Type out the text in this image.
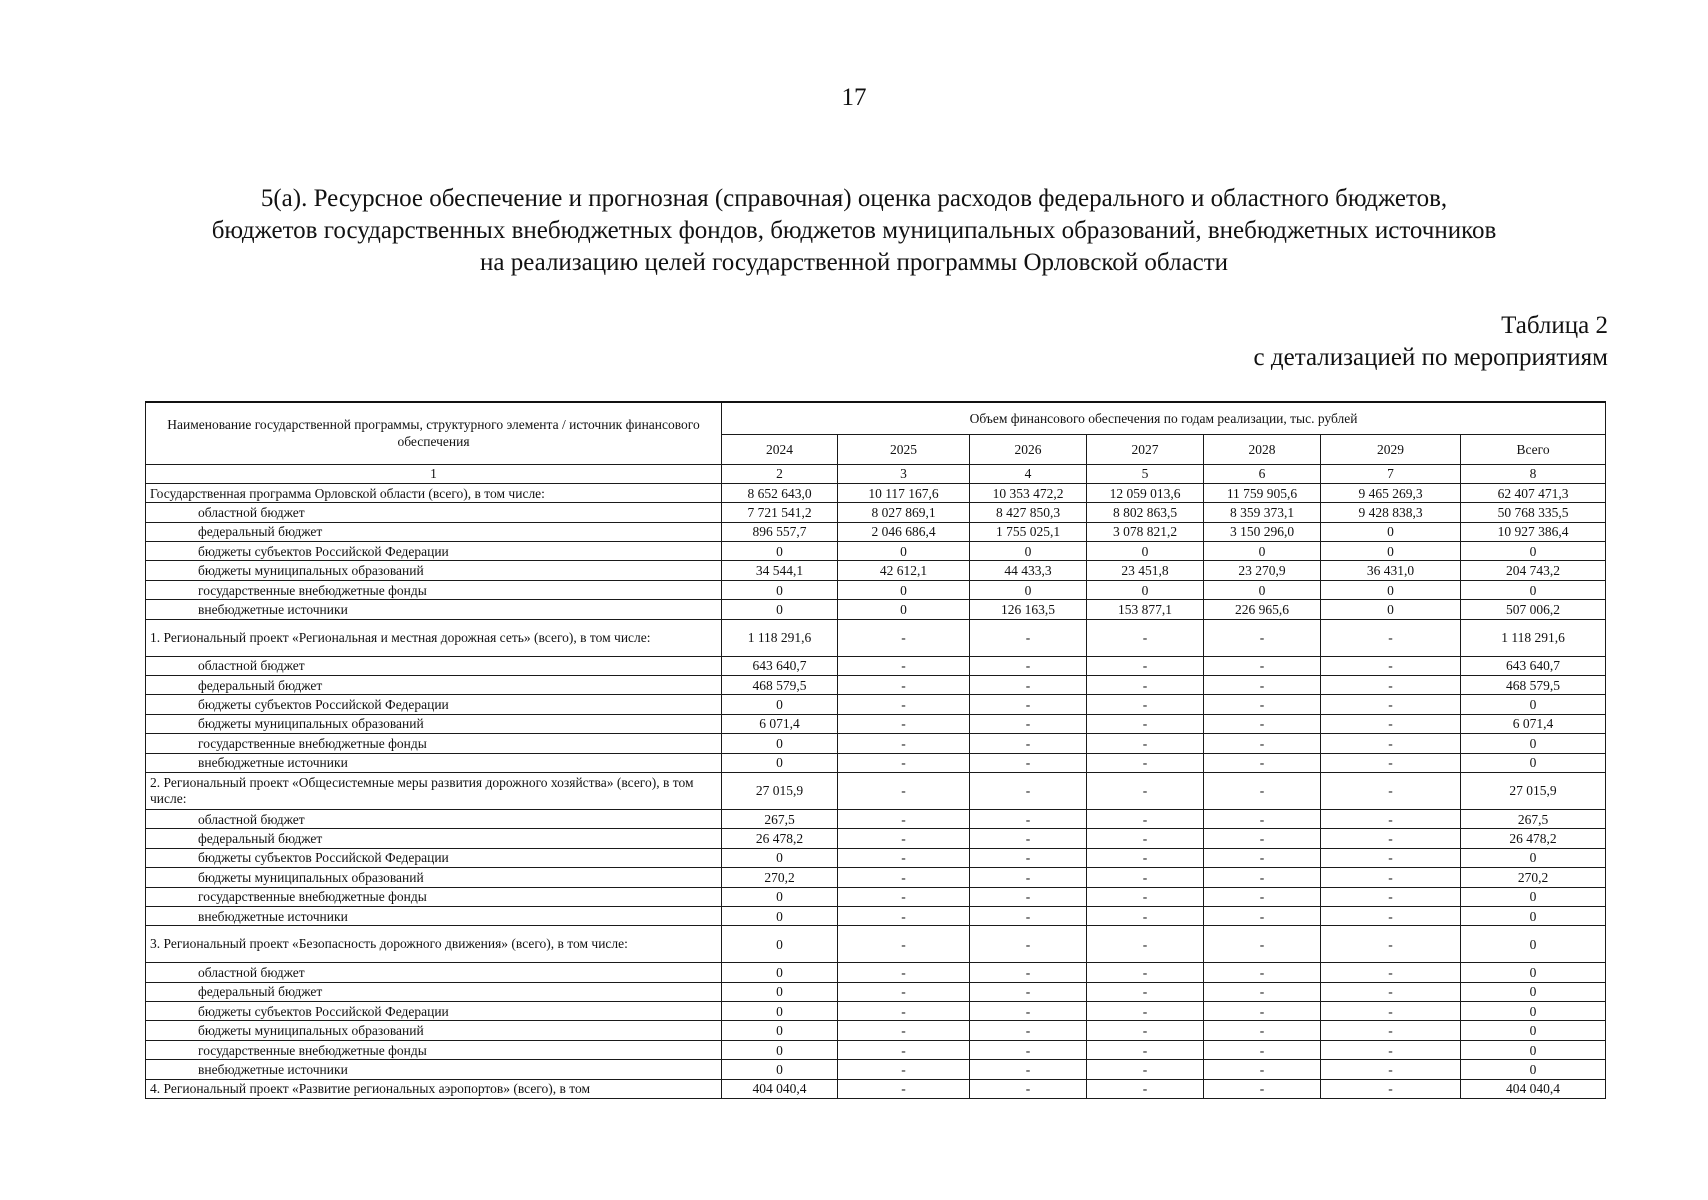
17
5(а). Ресурсное обеспечение и прогнозная (справочная) оценка расходов федерального и областного бюджетов,
бюджетов государственных внебюджетных фондов, бюджетов муниципальных образований, внебюджетных источников
на реализацию целей государственной программы Орловской области
Таблица 2
с детализацией по мероприятиям
Наименование государственной программы, структурного элемента / источник финансового обеспечения	Объем финансового обеспечения по годам реализации, тыс. рублей						
	2024	2025	2026	2027	2028	2029	Всего
1	2	3	4	5	6	7	8
Государственная программа Орловской области (всего), в том числе:	8 652 643,0	10 117 167,6	10 353 472,2	12 059 013,6	11 759 905,6	9 465 269,3	62 407 471,3
областной бюджет	7 721 541,2	8 027 869,1	8 427 850,3	8 802 863,5	8 359 373,1	9 428 838,3	50 768 335,5
федеральный бюджет	896 557,7	2 046 686,4	1 755 025,1	3 078 821,2	3 150 296,0	0	10 927 386,4
бюджеты субъектов Российской Федерации	0	0	0	0	0	0	0
бюджеты муниципальных образований	34 544,1	42 612,1	44 433,3	23 451,8	23 270,9	36 431,0	204 743,2
государственные внебюджетные фонды	0	0	0	0	0	0	0
внебюджетные источники	0	0	126 163,5	153 877,1	226 965,6	0	507 006,2
1. Региональный проект «Региональная и местная дорожная сеть» (всего), в том числе:	1 118 291,6	-	-	-	-	-	1 118 291,6
областной бюджет	643 640,7	-	-	-	-	-	643 640,7
федеральный бюджет	468 579,5	-	-	-	-	-	468 579,5
бюджеты субъектов Российской Федерации	0	-	-	-	-	-	0
бюджеты муниципальных образований	6 071,4	-	-	-	-	-	6 071,4
государственные внебюджетные фонды	0	-	-	-	-	-	0
внебюджетные источники	0	-	-	-	-	-	0
2. Региональный проект «Общесистемные меры развития дорожного хозяйства» (всего), в том числе:	27 015,9	-	-	-	-	-	27 015,9
областной бюджет	267,5	-	-	-	-	-	267,5
федеральный бюджет	26 478,2	-	-	-	-	-	26 478,2
бюджеты субъектов Российской Федерации	0	-	-	-	-	-	0
бюджеты муниципальных образований	270,2	-	-	-	-	-	270,2
государственные внебюджетные фонды	0	-	-	-	-	-	0
внебюджетные источники	0	-	-	-	-	-	0
3. Региональный проект «Безопасность дорожного движения» (всего), в том числе:	0	-	-	-	-	-	0
областной бюджет	0	-	-	-	-	-	0
федеральный бюджет	0	-	-	-	-	-	0
бюджеты субъектов Российской Федерации	0	-	-	-	-	-	0
бюджеты муниципальных образований	0	-	-	-	-	-	0
государственные внебюджетные фонды	0	-	-	-	-	-	0
внебюджетные источники	0	-	-	-	-	-	0
4. Региональный проект «Развитие региональных аэропортов» (всего), в том	404 040,4	-	-	-	-	-	404 040,4
